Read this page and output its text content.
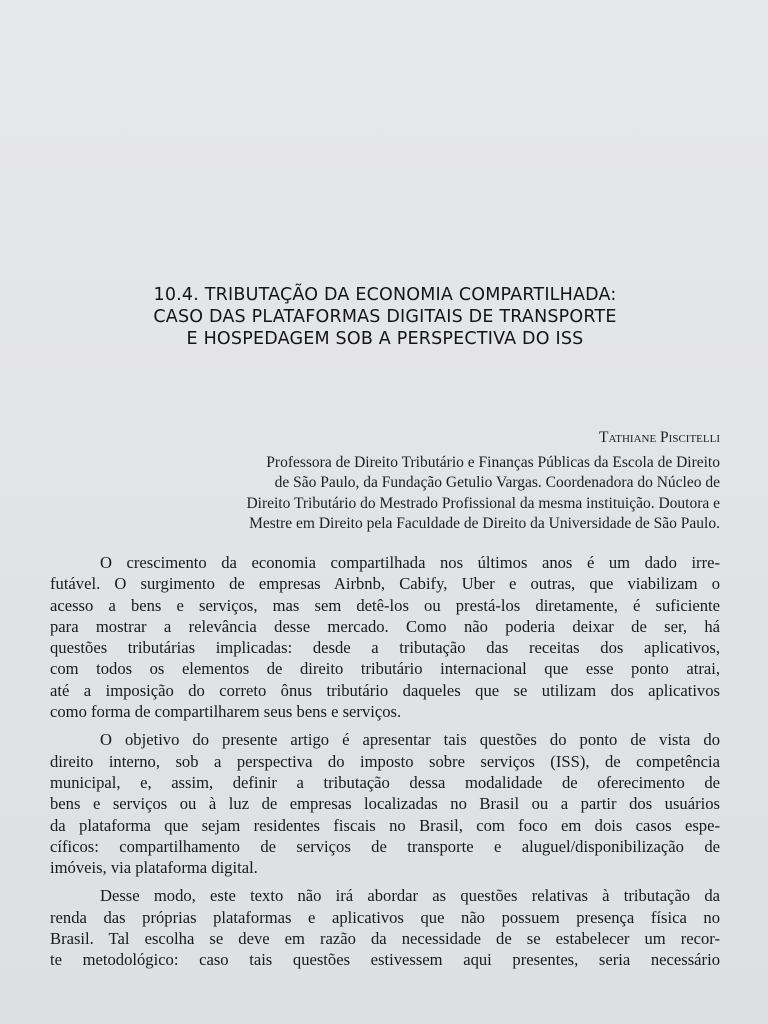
10.4. TRIBUTAÇÃO DA ECONOMIA COMPARTILHADA:
CASO DAS PLATAFORMAS DIGITAIS DE TRANSPORTE
E HOSPEDAGEM SOB A PERSPECTIVA DO ISS
Tathiane Piscitelli
Professora de Direito Tributário e Finanças Públicas da Escola de Direito
de São Paulo, da Fundação Getulio Vargas. Coordenadora do Núcleo de
Direito Tributário do Mestrado Profissional da mesma instituição. Doutora e
Mestre em Direito pela Faculdade de Direito da Universidade de São Paulo.

O crescimento da economia compartilhada nos últimos anos é um dado irre-
futável. O surgimento de empresas Airbnb, Cabify, Uber e outras, que viabilizam o
acesso a bens e serviços, mas sem detê-los ou prestá-los diretamente, é suficiente
para mostrar a relevância desse mercado. Como não poderia deixar de ser, há
questões tributárias implicadas: desde a tributação das receitas dos aplicativos,
com todos os elementos de direito tributário internacional que esse ponto atrai,
até a imposição do correto ônus tributário daqueles que se utilizam dos aplicativos
como forma de compartilharem seus bens e serviços.

O objetivo do presente artigo é apresentar tais questões do ponto de vista do
direito interno, sob a perspectiva do imposto sobre serviços (ISS), de competência
municipal, e, assim, definir a tributação dessa modalidade de oferecimento de
bens e serviços ou à luz de empresas localizadas no Brasil ou a partir dos usuários
da plataforma que sejam residentes fiscais no Brasil, com foco em dois casos espe-
cíficos: compartilhamento de serviços de transporte e aluguel/disponibilização de
imóveis, via plataforma digital.

Desse modo, este texto não irá abordar as questões relativas à tributação da
renda das próprias plataformas e aplicativos que não possuem presença física no
Brasil. Tal escolha se deve em razão da necessidade de se estabelecer um recor-
te metodológico: caso tais questões estivessem aqui presentes, seria necessário
